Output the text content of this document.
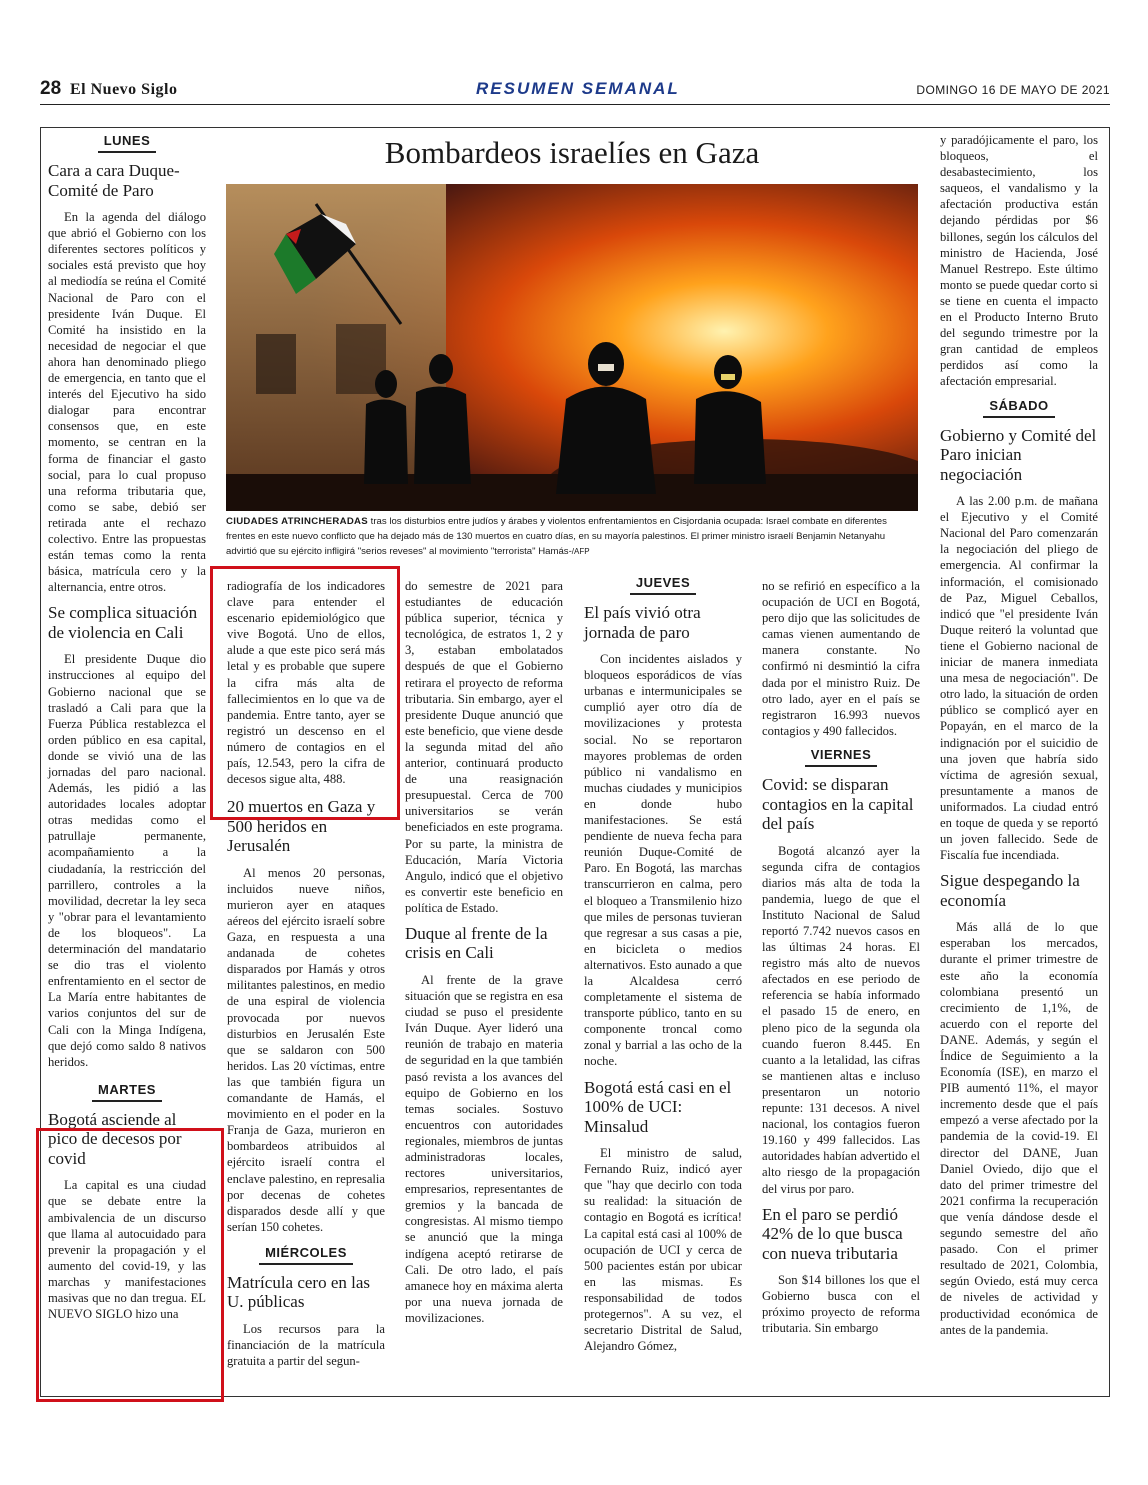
28 El Nuevo Siglo	RESUMEN SEMANAL	DOMINGO 16 DE MAYO DE 2021
LUNES
Cara a cara Duque-Comité de Paro

En la agenda del diálogo que abrió el Gobierno con los diferentes sectores políticos y sociales está previsto que hoy al mediodía se reúna el Comité Nacional de Paro con el presidente Iván Duque. El Comité ha insistido en la necesidad de negociar el que ahora han denominado pliego de emergencia, en tanto que el interés del Ejecutivo ha sido dialogar para encontrar consensos que, en este momento, se centran en la forma de financiar el gasto social, para lo cual propuso una reforma tributaria que, como se sabe, debió ser retirada ante el rechazo colectivo. Entre las propuestas están temas como la renta básica, matrícula cero y la alternancia, entre otros.

Se complica situación de violencia en Cali

El presidente Duque dio instrucciones al equipo del Gobierno nacional que se trasladó a Cali para que la Fuerza Pública restablezca el orden público en esa capital, donde se vivió una de las jornadas del paro nacional. Además, les pidió a las autoridades locales adoptar otras medidas como el patrullaje permanente, acompañamiento a la ciudadanía, la restricción del parrillero, controles a la movilidad, decretar la ley seca y "obrar para el levantamiento de los bloqueos". La determinación del mandatario se dio tras el violento enfrentamiento en el sector de La María entre habitantes de varios conjuntos del sur de Cali con la Minga Indígena, que dejó como saldo 8 nativos heridos.

MARTES
Bogotá asciende al pico de decesos por covid

La capital es una ciudad que se debate entre la ambivalencia de un discurso que llama al autocuidado para prevenir la propagación y el aumento del covid-19, y las marchas y manifestaciones masivas que no dan tregua. EL NUEVO SIGLO hizo una

Bombardeos israelíes en Gaza
CIUDADES ATRINCHERADAS tras los disturbios entre judíos y árabes y violentos enfrentamientos en Cisjordania ocupada: Israel combate en diferentes frentes en este nuevo conflicto que ha dejado más de 130 muertos en cuatro días, en su mayoría palestinos. El primer ministro israelí Benjamin Netanyahu advirtió que su ejército infligirá "serios reveses" al movimiento "terrorista" Hamás-/AFP

radiografía de los indicadores clave para entender el escenario epidemiológico que vive Bogotá. Uno de ellos, alude a que este pico será más letal y es probable que supere la cifra más alta de fallecimientos en lo que va de pandemia. Entre tanto, ayer se registró un descenso en el número de contagios en el país, 12.543, pero la cifra de decesos sigue alta, 488.

20 muertos en Gaza y 500 heridos en Jerusalén

Al menos 20 personas, incluidos nueve niños, murieron ayer en ataques aéreos del ejército israelí sobre Gaza, en respuesta a una andanada de cohetes disparados por Hamás y otros militantes palestinos, en medio de una espiral de violencia provocada por nuevos disturbios en Jerusalén Este que se saldaron con 500 heridos. Las 20 víctimas, entre las que también figura un comandante de Hamás, el movimiento en el poder en la Franja de Gaza, murieron en bombardeos atribuidos al ejército israelí contra el enclave palestino, en represalia por decenas de cohetes disparados desde allí y que serían 150 cohetes.

MIÉRCOLES
Matrícula cero en las U. públicas

Los recursos para la financiación de la matrícula gratuita a partir del segun-

do semestre de 2021 para estudiantes de educación pública superior, técnica y tecnológica, de estratos 1, 2 y 3, estaban embolatados después de que el Gobierno retirara el proyecto de reforma tributaria. Sin embargo, ayer el presidente Duque anunció que este beneficio, que viene desde la segunda mitad del año anterior, continuará producto de una reasignación presupuestal. Cerca de 700 universitarios se verán beneficiados en este programa. Por su parte, la ministra de Educación, María Victoria Angulo, indicó que el objetivo es convertir este beneficio en política de Estado.

Duque al frente de la crisis en Cali

Al frente de la grave situación que se registra en esa ciudad se puso el presidente Iván Duque. Ayer lideró una reunión de trabajo en materia de seguridad en la que también pasó revista a los avances del equipo de Gobierno en los temas sociales. Sostuvo encuentros con autoridades regionales, miembros de juntas administradoras locales, rectores universitarios, empresarios, representantes de gremios y la bancada de congresistas. Al mismo tiempo se anunció que la minga indígena aceptó retirarse de Cali. De otro lado, el país amanece hoy en máxima alerta por una nueva jornada de movilizaciones.

JUEVES
El país vivió otra jornada de paro

Con incidentes aislados y bloqueos esporádicos de vías urbanas e intermunicipales se cumplió ayer otro día de movilizaciones y protesta social. No se reportaron mayores problemas de orden público ni vandalismo en muchas ciudades y municipios en donde hubo manifestaciones. Se está pendiente de nueva fecha para reunión Duque-Comité de Paro. En Bogotá, las marchas transcurrieron en calma, pero el bloqueo a Transmilenio hizo que miles de personas tuvieran que regresar a sus casas a pie, en bicicleta o medios alternativos. Esto aunado a que la Alcaldesa cerró completamente el sistema de transporte público, tanto en su componente troncal como zonal y barrial a las ocho de la noche.

Bogotá está casi en el 100% de UCI: Minsalud

El ministro de salud, Fernando Ruiz, indicó ayer que "hay que decirlo con toda su realidad: la situación de contagio en Bogotá es icrítica! La capital está casi al 100% de ocupación de UCI y cerca de 500 pacientes están por ubicar en las mismas. Es responsabilidad de todos protegernos". A su vez, el secretario Distrital de Salud, Alejandro Gómez,

no se refirió en específico a la ocupación de UCI en Bogotá, pero dijo que las solicitudes de camas vienen aumentando de manera constante. No confirmó ni desmintió la cifra dada por el ministro Ruiz. De otro lado, ayer en el país se registraron 16.993 nuevos contagios y 490 fallecidos.

VIERNES
Covid: se disparan contagios en la capital del país

Bogotá alcanzó ayer la segunda cifra de contagios diarios más alta de toda la pandemia, luego de que el Instituto Nacional de Salud reportó 7.742 nuevos casos en las últimas 24 horas. El registro más alto de nuevos afectados en ese periodo de referencia se había informado el pasado 15 de enero, en pleno pico de la segunda ola cuando fueron 8.445. En cuanto a la letalidad, las cifras se mantienen altas e incluso presentaron un notorio repunte: 131 decesos. A nivel nacional, los contagios fueron 19.160 y 499 fallecidos. Las autoridades habían advertido el alto riesgo de la propagación del virus por paro.

En el paro se perdió 42% de lo que busca con nueva tributaria

Son $14 billones los que el Gobierno busca con el próximo proyecto de reforma tributaria. Sin embargo

y paradójicamente el paro, los bloqueos, el desabastecimiento, los saqueos, el vandalismo y la afectación productiva están dejando pérdidas por $6 billones, según los cálculos del ministro de Hacienda, José Manuel Restrepo. Este último monto se puede quedar corto si se tiene en cuenta el impacto en el Producto Interno Bruto del segundo trimestre por la gran cantidad de empleos perdidos así como la afectación empresarial.

SÁBADO
Gobierno y Comité del Paro inician negociación

A las 2.00 p.m. de mañana el Ejecutivo y el Comité Nacional del Paro comenzarán la negociación del pliego de emergencia. Al confirmar la información, el comisionado de Paz, Miguel Ceballos, indicó que "el presidente Iván Duque reiteró la voluntad que tiene el Gobierno nacional de iniciar de manera inmediata una mesa de negociación". De otro lado, la situación de orden público se complicó ayer en Popayán, en el marco de la indignación por el suicidio de una joven que habría sido víctima de agresión sexual, presuntamente a manos de uniformados. La ciudad entró en toque de queda y se reportó un joven fallecido. Sede de Fiscalía fue incendiada.

Sigue despegando la economía

Más allá de lo que esperaban los mercados, durante el primer trimestre de este año la economía colombiana presentó un crecimiento de 1,1%, de acuerdo con el reporte del DANE. Además, y según el Índice de Seguimiento a la Economía (ISE), en marzo el PIB aumentó 11%, el mayor incremento desde que el país empezó a verse afectado por la pandemia de la covid-19. El director del DANE, Juan Daniel Oviedo, dijo que el dato del primer trimestre del 2021 confirma la recuperación que venía dándose desde el segundo semestre del año pasado. Con el primer resultado de 2021, Colombia, según Oviedo, está muy cerca de niveles de actividad y productividad económica de antes de la pandemia.
